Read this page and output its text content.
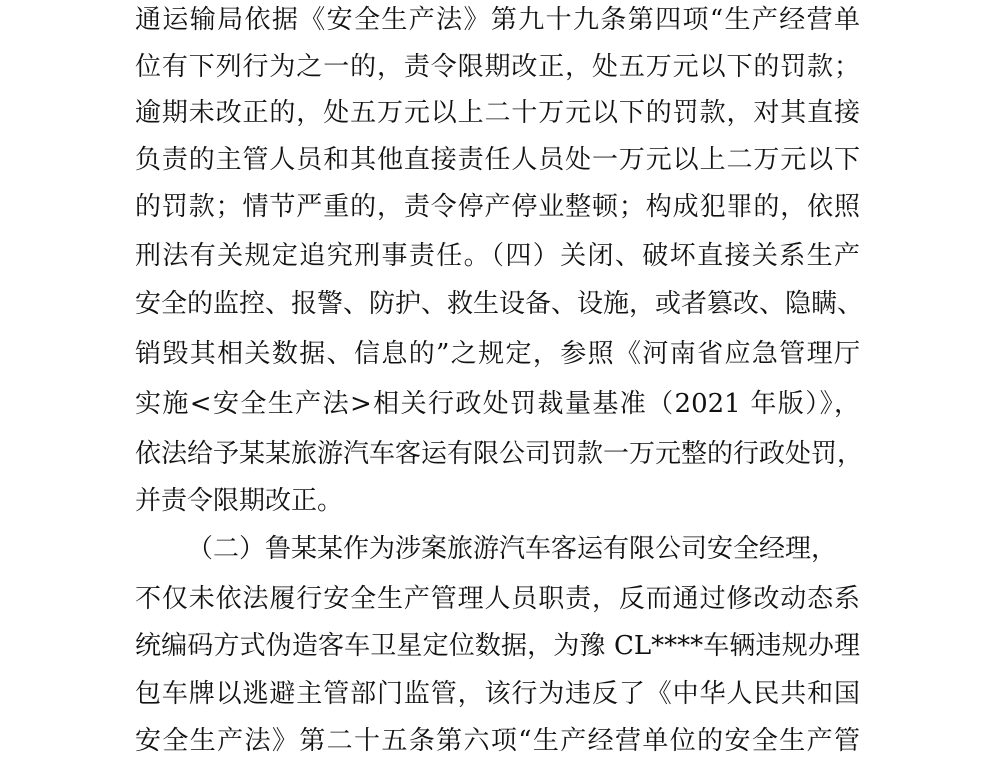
通运输局依据《安全生产法》第九十九条第四项“生产经营单
位有下列行为之一的，责令限期改正，处五万元以下的罚款；
逾期未改正的，处五万元以上二十万元以下的罚款，对其直接
负责的主管人员和其他直接责任人员处一万元以上二万元以下
的罚款；情节严重的，责令停产停业整顿；构成犯罪的，依照
刑法有关规定追究刑事责任。（四）关闭、破坏直接关系生产
安全的监控、报警、防护、救生设备、设施，或者篡改、隐瞒、
销毁其相关数据、信息的”之规定，参照《河南省应急管理厅
实施<安全生产法>相关行政处罚裁量基准（2021 年版）》，
依法给予某某旅游汽车客运有限公司罚款一万元整的行政处罚，
并责令限期改正。
（二）鲁某某作为涉案旅游汽车客运有限公司安全经理，
不仅未依法履行安全生产管理人员职责，反而通过修改动态系
统编码方式伪造客车卫星定位数据，为豫 CL****车辆违规办理
包车牌以逃避主管部门监管，该行为违反了《中华人民共和国
安全生产法》第二十五条第六项“生产经营单位的安全生产管
